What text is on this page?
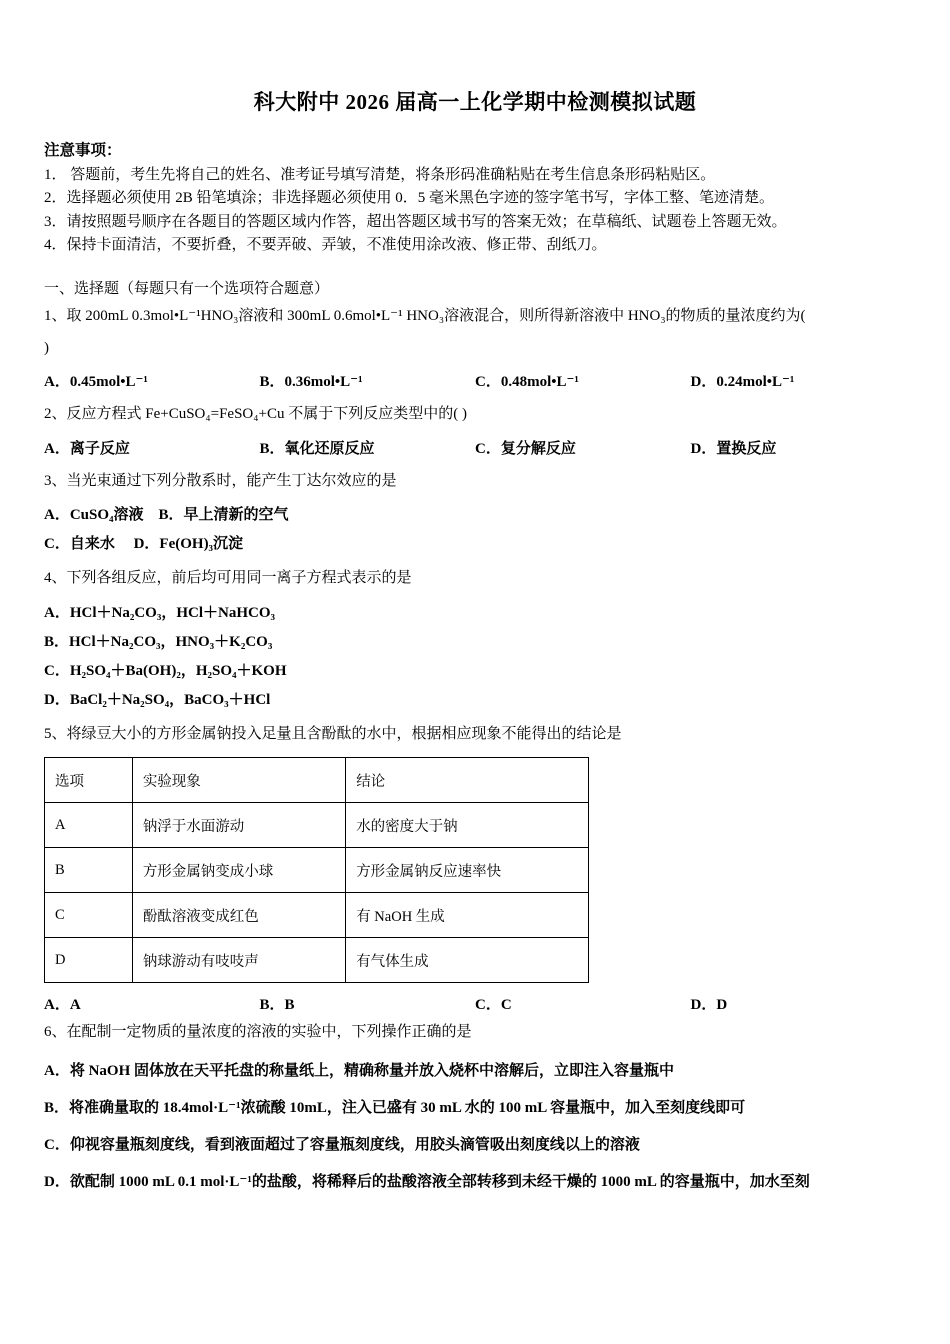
科大附中 2026 届高一上化学期中检测模拟试题

注意事项：

1． 答题前，考生先将自己的姓名、准考证号填写清楚，将条形码准确粘贴在考生信息条形码粘贴区。

2．选择题必须使用 2B 铅笔填涂；非选择题必须使用 0．5 毫米黑色字迹的签字笔书写，字体工整、笔迹清楚。

3．请按照题号顺序在各题目的答题区域内作答，超出答题区域书写的答案无效；在草稿纸、试题卷上答题无效。

4．保持卡面清洁，不要折叠，不要弄破、弄皱，不准使用涂改液、修正带、刮纸刀。

一、选择题（每题只有一个选项符合题意）

1、取 200mL 0.3mol•L⁻¹HNO₃溶液和 300mL 0.6mol•L⁻¹ HNO₃溶液混合，则所得新溶液中 HNO₃的物质的量浓度约为(

)

A．0.45mol•L⁻¹	B．0.36mol•L⁻¹	C．0.48mol•L⁻¹	D．0.24mol•L⁻¹

2、反应方程式 Fe+CuSO₄=FeSO₄+Cu 不属于下列反应类型中的( )

A．离子反应	B．氧化还原反应	C．复分解反应	D．置换反应

3、当光束通过下列分散系时，能产生丁达尔效应的是

A．CuSO₄溶液　B．早上清新的空气
C．自来水　 D．Fe(OH)₃沉淀

4、下列各组反应，前后均可用同一离子方程式表示的是

A．HCl＋Na₂CO₃，HCl＋NaHCO₃
B．HCl＋Na₂CO₃，HNO₃＋K₂CO₃
C．H₂SO₄＋Ba(OH)₂，H₂SO₄＋KOH
D．BaCl₂＋Na₂SO₄，BaCO₃＋HCl

5、将绿豆大小的方形金属钠投入足量且含酚酞的水中，根据相应现象不能得出的结论是

选项	实验现象	结论
A	钠浮于水面游动	水的密度大于钠
B	方形金属钠变成小球	方形金属钠反应速率快
C	酚酞溶液变成红色	有 NaOH 生成
D	钠球游动有吱吱声	有气体生成
A．A	B．B	C．C	D．D

6、在配制一定物质的量浓度的溶液的实验中，下列操作正确的是

A．将 NaOH 固体放在天平托盘的称量纸上，精确称量并放入烧杯中溶解后，立即注入容量瓶中

B．将准确量取的 18.4mol·L⁻¹浓硫酸 10mL，注入已盛有 30 mL 水的 100 mL 容量瓶中，加入至刻度线即可

C．仰视容量瓶刻度线，看到液面超过了容量瓶刻度线，用胶头滴管吸出刻度线以上的溶液

D．欲配制 1000 mL 0.1 mol·L⁻¹的盐酸，将稀释后的盐酸溶液全部转移到未经干燥的 1000 mL 的容量瓶中，加水至刻
